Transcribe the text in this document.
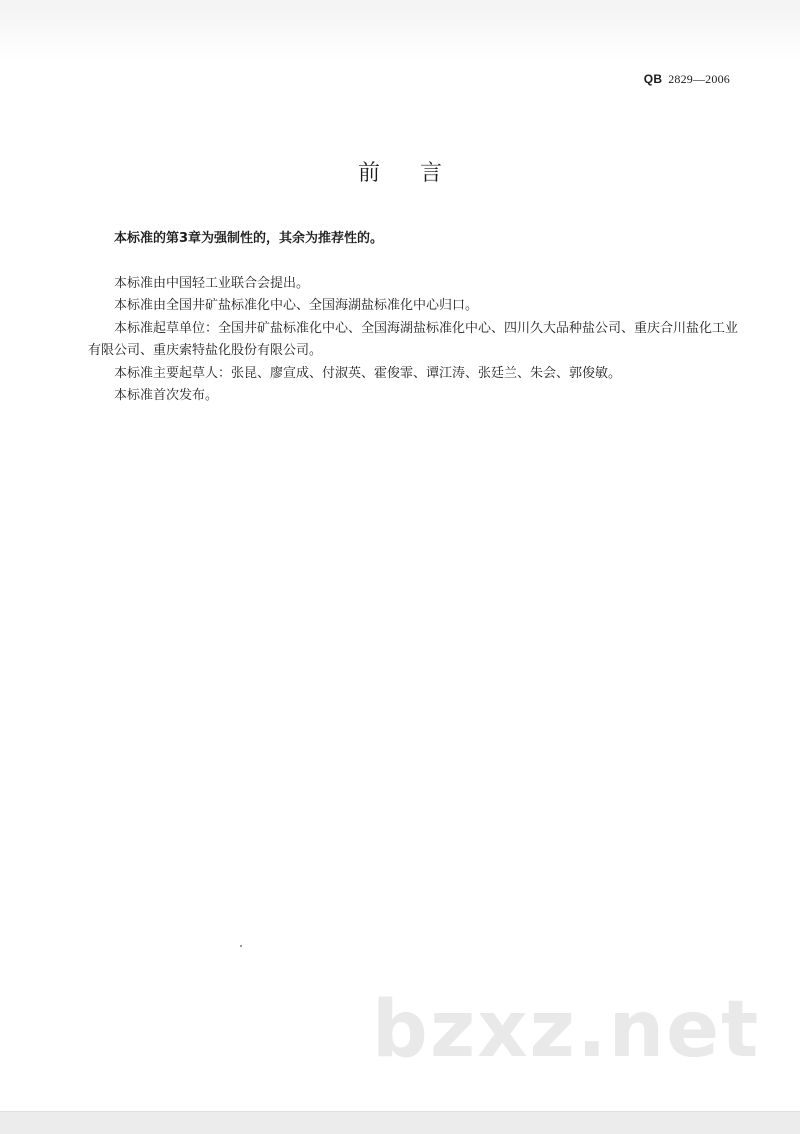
QB 2829—2006
前言

本标准的第3章为强制性的，其余为推荐性的。

本标准由中国轻工业联合会提出。

本标准由全国井矿盐标准化中心、全国海湖盐标准化中心归口。

本标准起草单位：全国井矿盐标准化中心、全国海湖盐标准化中心、四川久大品种盐公司、重庆合川盐化工业有限公司、重庆索特盐化股份有限公司。

本标准主要起草人：张昆、廖宣成、付淑英、霍俊霏、谭江涛、张廷兰、朱会、郭俊敏。

本标准首次发布。

bzxz.net
